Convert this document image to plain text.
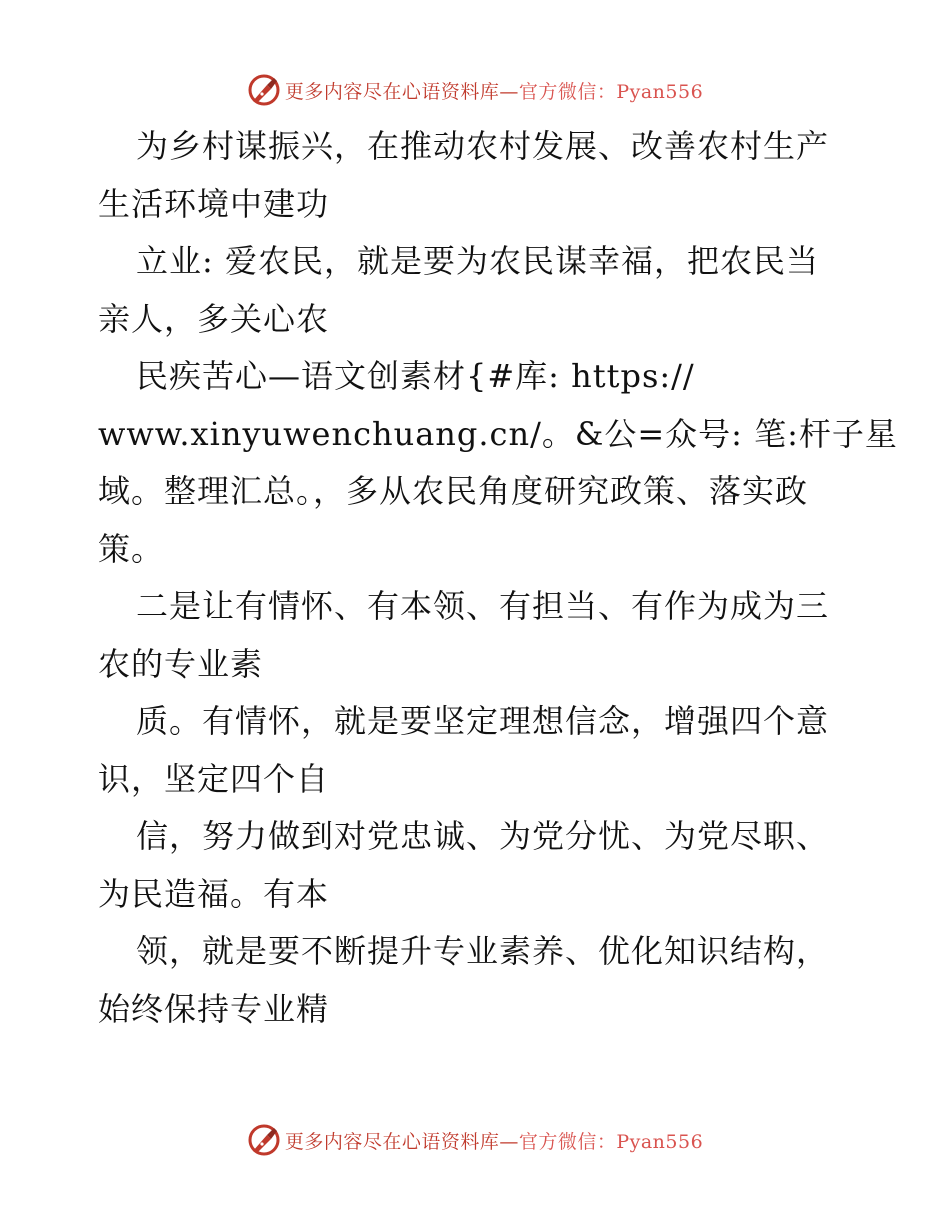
更多内容尽在心语资料库—官方微信：Pyan556
为乡村谋振兴，在推动农村发展、改善农村生产
生活环境中建功
立业: 爱农民，就是要为农民谋幸福，把农民当
亲人，多关心农
民疾苦心—语文创素材{#库: https://
www.xinyuwenchuang.cn/。&公=众号: 笔:杆子星
域。整理汇总。，多从农民角度研究政策、落实政
策。
二是让有情怀、有本领、有担当、有作为成为三
农的专业素
质。有情怀，就是要坚定理想信念，增强四个意
识，坚定四个自
信，努力做到对党忠诚、为党分忧、为党尽职、
为民造福。有本
领，就是要不断提升专业素养、优化知识结构，
始终保持专业精
更多内容尽在心语资料库—官方微信：Pyan556
